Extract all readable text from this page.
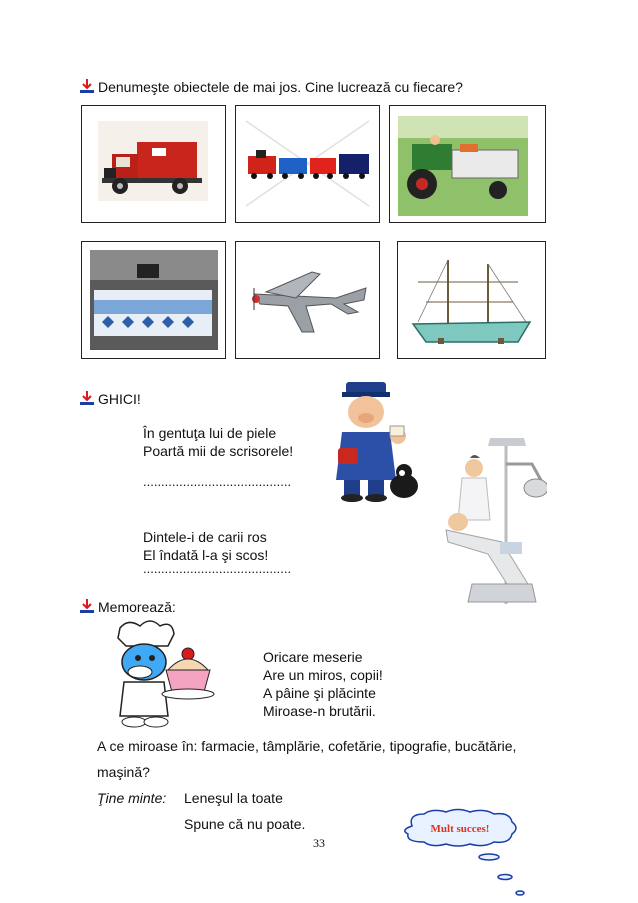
Denumeşte obiectele de mai jos. Cine lucrează cu fiecare?
GHICI!
În gentuţa lui de piele
Poartă mii de scrisorele!
.........................................
Dintele-i de carii ros
El îndată l-a şi scos!
.........................................
Memorează:
Oricare meserie
Are un miros, copii!
A pâine şi plăcinte
Miroase-n brutării.
A ce miroase în: farmacie, tâmplărie, cofetărie, tipografie, bucătărie,
maşină?
Ţine minte: Leneşul la toate
Spune că nu poate.	Mult succes!
33
